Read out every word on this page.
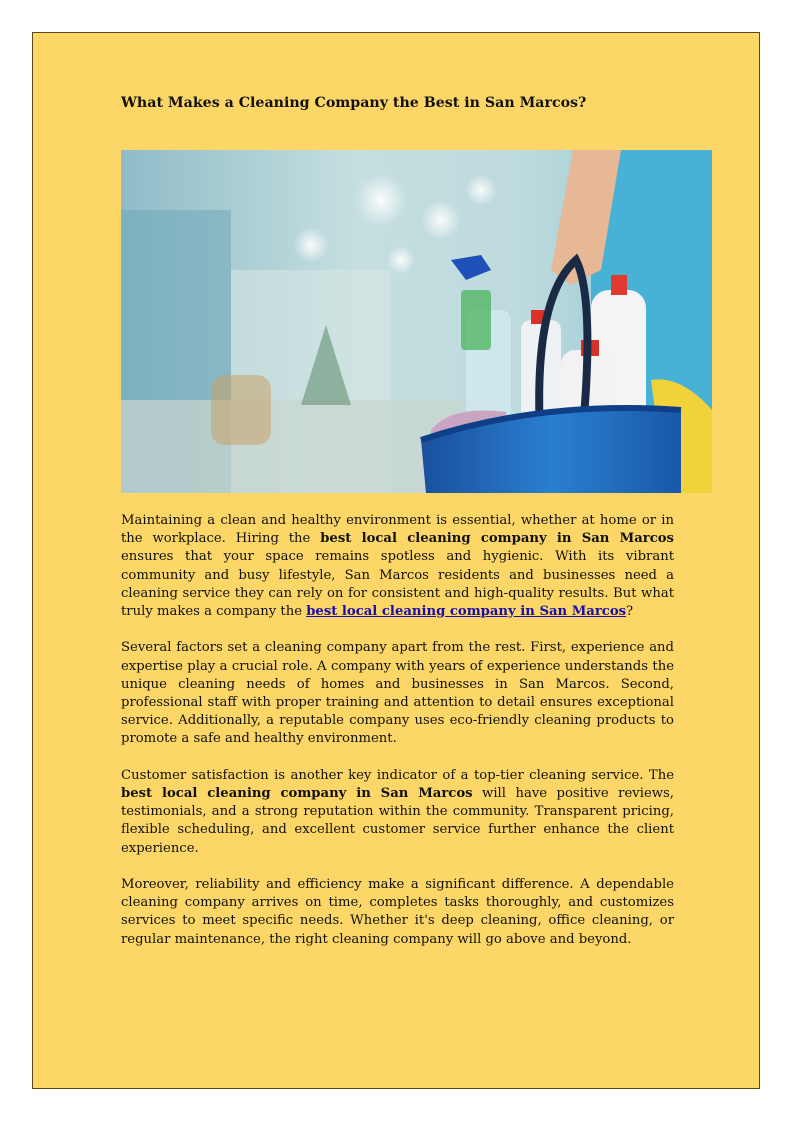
What Makes a Cleaning Company the Best in San Marcos?

Maintaining a clean and healthy environment is essential, whether at home or in the workplace. Hiring the best local cleaning company in San Marcos ensures that your space remains spotless and hygienic. With its vibrant community and busy lifestyle, San Marcos residents and businesses need a cleaning service they can rely on for consistent and high-quality results. But what truly makes a company the best local cleaning company in San Marcos?

Several factors set a cleaning company apart from the rest. First, experience and expertise play a crucial role. A company with years of experience understands the unique cleaning needs of homes and businesses in San Marcos. Second, professional staff with proper training and attention to detail ensures exceptional service. Additionally, a reputable company uses eco-friendly cleaning products to promote a safe and healthy environment.

Customer satisfaction is another key indicator of a top-tier cleaning service. The best local cleaning company in San Marcos will have positive reviews, testimonials, and a strong reputation within the community. Transparent pricing, flexible scheduling, and excellent customer service further enhance the client experience.

Moreover, reliability and efficiency make a significant difference. A dependable cleaning company arrives on time, completes tasks thoroughly, and customizes services to meet specific needs. Whether it's deep cleaning, office cleaning, or regular maintenance, the right cleaning company will go above and beyond.
